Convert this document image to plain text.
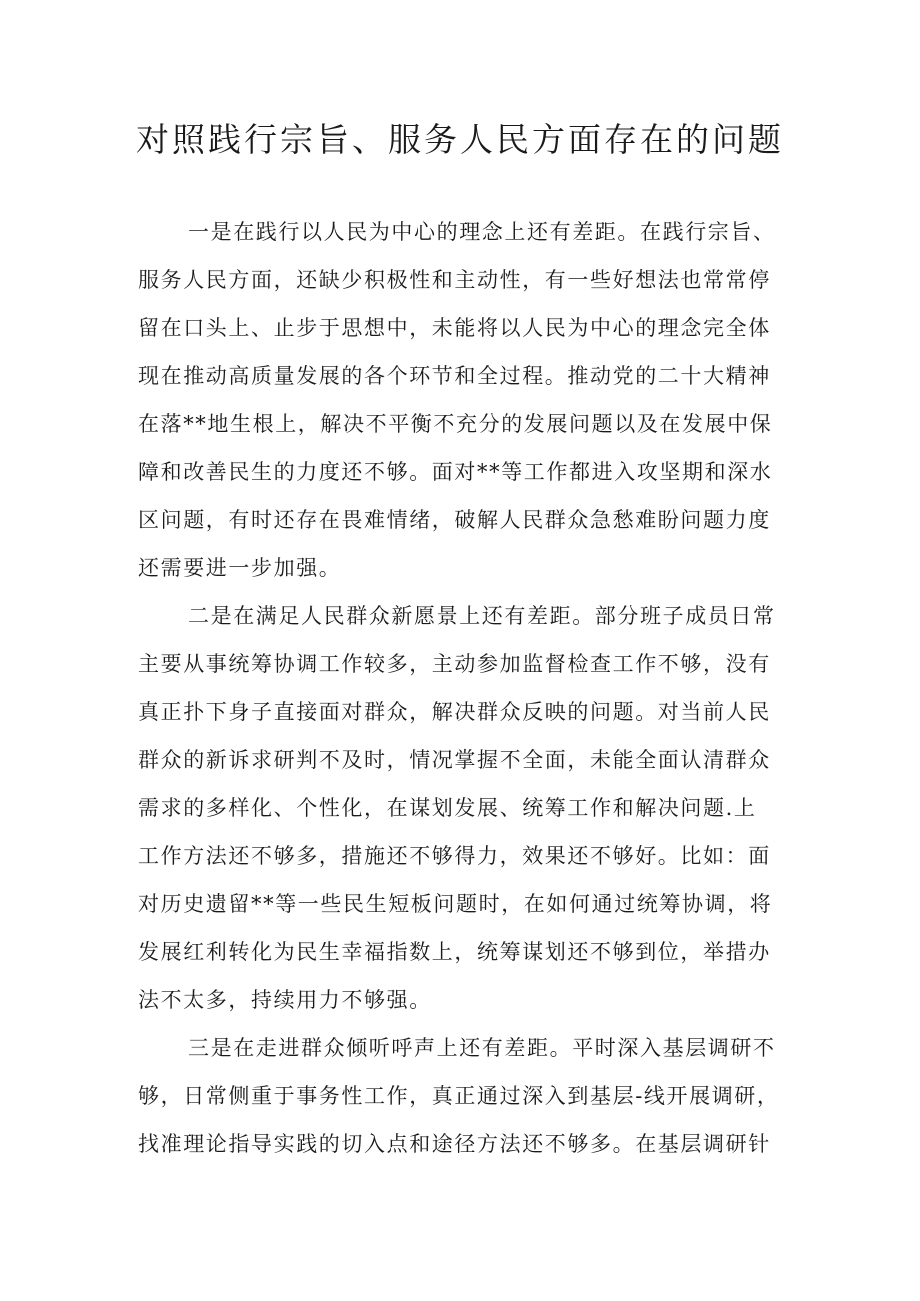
对照践行宗旨、服务人民方面存在的问题

一是在践行以人民为中心的理念上还有差距。在践行宗旨、
服务人民方面，还缺少积极性和主动性，有一些好想法也常常停
留在口头上、止步于思想中，未能将以人民为中心的理念完全体
现在推动高质量发展的各个环节和全过程。推动党的二十大精神
在落**地生根上，解决不平衡不充分的发展问题以及在发展中保
障和改善民生的力度还不够。面对**等工作都进入攻坚期和深水
区问题，有时还存在畏难情绪，破解人民群众急愁难盼问题力度
还需要进一步加强。

二是在满足人民群众新愿景上还有差距。部分班子成员日常
主要从事统筹协调工作较多，主动参加监督检查工作不够，没有
真正扑下身子直接面对群众，解决群众反映的问题。对当前人民
群众的新诉求研判不及时，情况掌握不全面，未能全面认清群众
需求的多样化、个性化，在谋划发展、统筹工作和解决问题.上
工作方法还不够多，措施还不够得力，效果还不够好。比如：面
对历史遗留**等一些民生短板问题时，在如何通过统筹协调，将
发展红利转化为民生幸福指数上，统筹谋划还不够到位，举措办
法不太多，持续用力不够强。

三是在走进群众倾听呼声上还有差距。平时深入基层调研不
够，日常侧重于事务性工作，真正通过深入到基层-线开展调研，
找准理论指导实践的切入点和途径方法还不够多。在基层调研针
